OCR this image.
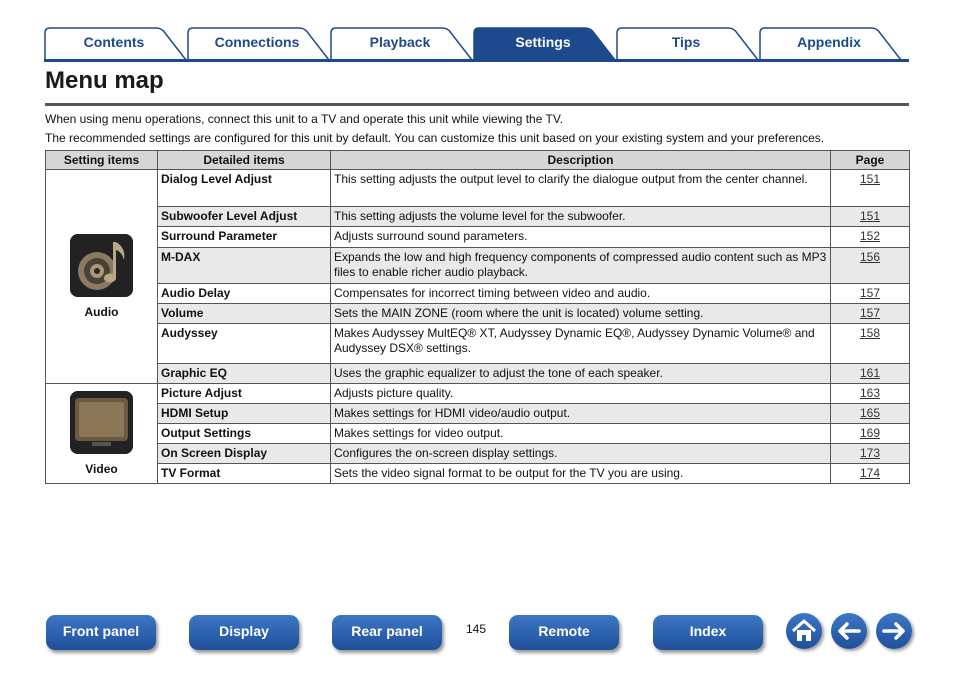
Contents	Connections	Playback	Settings	Tips	Appendix
Menu map
When using menu operations, connect this unit to a TV and operate this unit while viewing the TV.
The recommended settings are configured for this unit by default. You can customize this unit based on your existing system and your preferences.
Setting items	Detailed items	Description	Page

Audio	Dialog Level Adjust	This setting adjusts the output level to clarify the dialogue output from the center channel.	151
	Subwoofer Level Adjust	This setting adjusts the volume level for the subwoofer.	151
	Surround Parameter	Adjusts surround sound parameters.	152
	M-DAX	Expands the low and high frequency components of compressed audio content such as MP3 files to enable richer audio playback.	156
	Audio Delay	Compensates for incorrect timing between video and audio.	157
	Volume	Sets the MAIN ZONE (room where the unit is located) volume setting.	157
	Audyssey	Makes Audyssey MultEQ® XT, Audyssey Dynamic EQ®, Audyssey Dynamic Volume® and Audyssey DSX® settings.	158
	Graphic EQ	Uses the graphic equalizer to adjust the tone of each speaker.	161

Video	Picture Adjust	Adjusts picture quality.	163
	HDMI Setup	Makes settings for HDMI video/audio output.	165
	Output Settings	Makes settings for video output.	169
	On Screen Display	Configures the on-screen display settings.	173
	TV Format	Sets the video signal format to be output for the TV you are using.	174
Front panel	Display	Rear panel	145	Remote	Index
